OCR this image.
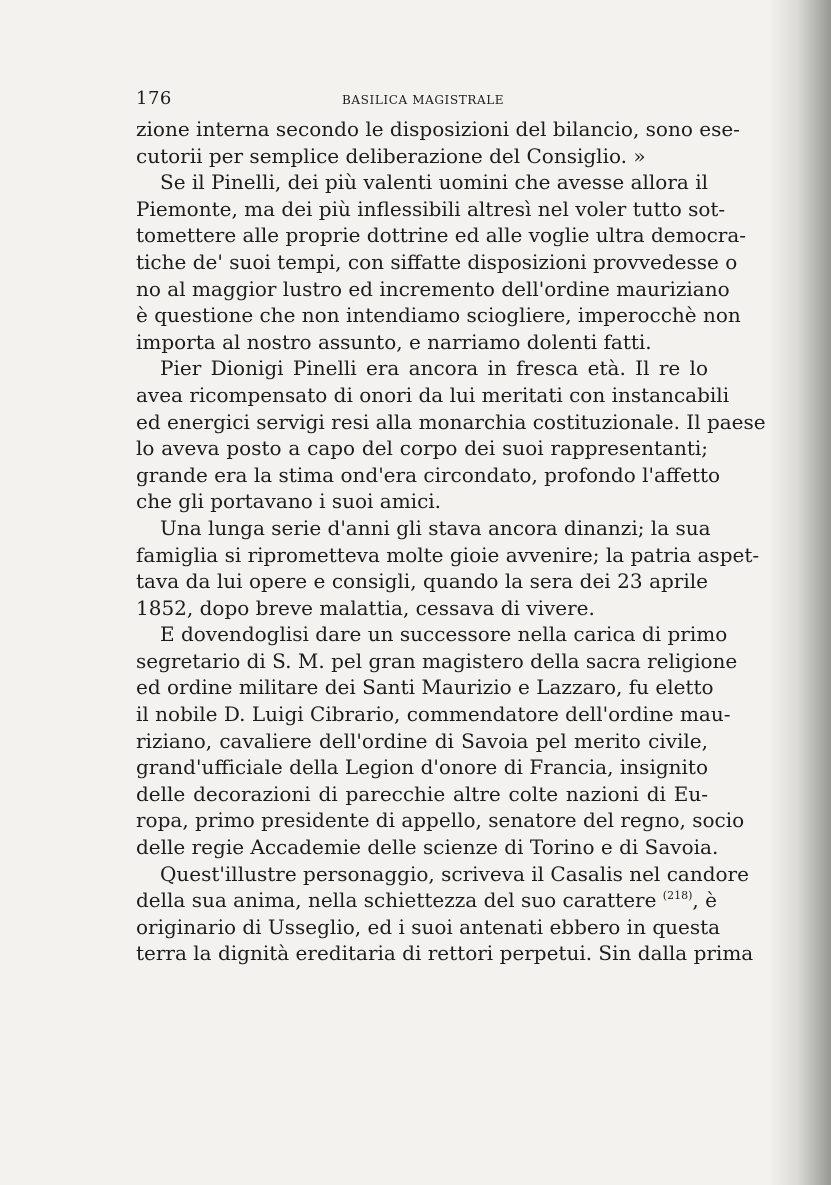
176	BASILICA MAGISTRALE
zione interna secondo le disposizioni del bilancio, sono ese-
cutorii per semplice deliberazione del Consiglio. »
Se il Pinelli, dei più valenti uomini che avesse allora il
Piemonte, ma dei più inflessibili altresì nel voler tutto sot-
tomettere alle proprie dottrine ed alle voglie ultra democra-
tiche de' suoi tempi, con siffatte disposizioni provvedesse o
no al maggior lustro ed incremento dell'ordine mauriziano
è questione che non intendiamo sciogliere, imperocchè non
importa al nostro assunto, e narriamo dolenti fatti.
Pier Dionigi Pinelli era ancora in fresca età. Il re lo
avea ricompensato di onori da lui meritati con instancabili
ed energici servigi resi alla monarchia costituzionale. Il paese
lo aveva posto a capo del corpo dei suoi rappresentanti;
grande era la stima ond'era circondato, profondo l'affetto
che gli portavano i suoi amici.
Una lunga serie d'anni gli stava ancora dinanzi; la sua
famiglia si riprometteva molte gioie avvenire; la patria aspet-
tava da lui opere e consigli, quando la sera dei 23 aprile
1852, dopo breve malattia, cessava di vivere.
E dovendoglisi dare un successore nella carica di primo
segretario di S. M. pel gran magistero della sacra religione
ed ordine militare dei Santi Maurizio e Lazzaro, fu eletto
il nobile D. Luigi Cibrario, commendatore dell'ordine mau-
riziano, cavaliere dell'ordine di Savoia pel merito civile,
grand'ufficiale della Legion d'onore di Francia, insignito
delle decorazioni di parecchie altre colte nazioni di Eu-
ropa, primo presidente di appello, senatore del regno, socio
delle regie Accademie delle scienze di Torino e di Savoia.
Quest'illustre personaggio, scriveva il Casalis nel candore
della sua anima, nella schiettezza del suo carattere $^{(218)}$, è
originario di Usseglio, ed i suoi antenati ebbero in questa
terra la dignità ereditaria di rettori perpetui. Sin dalla prima
